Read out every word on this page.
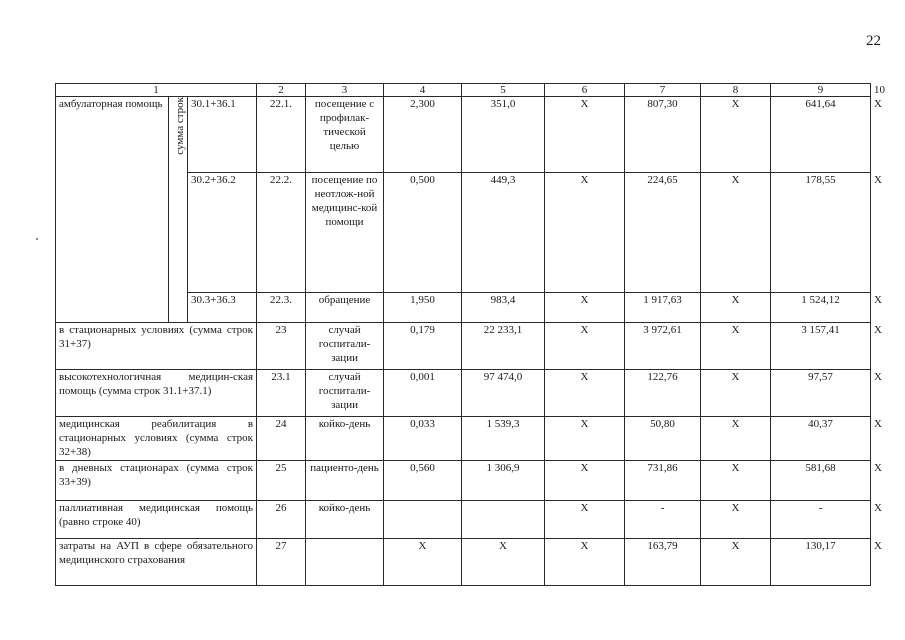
22
1			2	3	4	5	6	7	8	9	10
амбулаторная помощь	сумма строк	30.1+36.1	22.1.	посещение с профилак-тической целью	2,300	351,0	X	807,30	X	641,64	X
		30.2+36.2	22.2.	посещение по неотлож-ной медицинс-кой помощи	0,500	449,3	X	224,65	X	178,55	X
		30.3+36.3	22.3.	обращение	1,950	983,4	X	1 917,63	X	1 524,12	X
в стационарных условиях (сумма строк 31+37)			23	случай госпитали-зации	0,179	22 233,1	X	3 972,61	X	3 157,41	X
высокотехнологичная медицин-ская помощь (сумма строк 31.1+37.1)			23.1	случай госпитали-зации	0,001	97 474,0	X	122,76	X	97,57	X
медицинская реабилитация в стационарных условиях (сумма строк 32+38)			24	койко-день	0,033	1 539,3	X	50,80	X	40,37	X
в дневных стационарах (сумма строк 33+39)			25	пациенто-день	0,560	1 306,9	X	731,86	X	581,68	X
паллиативная медицинская помощь (равно строке 40)			26	койко-день			X	-	X	-	X
затраты на АУП в сфере обязательного медицинского страхования			27		X	X	X	163,79	X	130,17	X
